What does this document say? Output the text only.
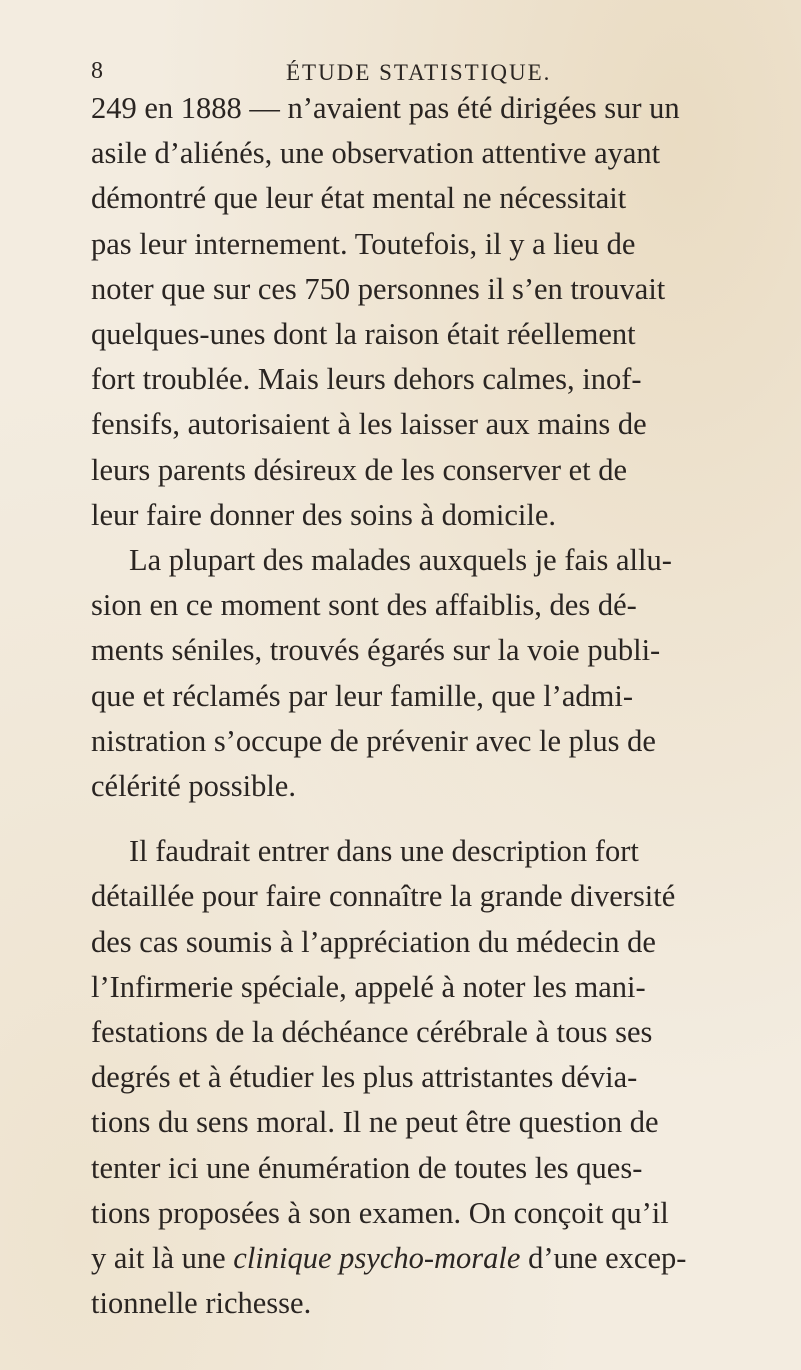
8	ÉTUDE STATISTIQUE.

249 en 1888 — n’avaient pas été dirigées sur un
asile d’aliénés, une observation attentive ayant
démontré que leur état mental ne nécessitait
pas leur internement. Toutefois, il y a lieu de
noter que sur ces 750 personnes il s’en trouvait
quelques-unes dont la raison était réellement
fort troublée. Mais leurs dehors calmes, inof-
fensifs, autorisaient à les laisser aux mains de
leurs parents désireux de les conserver et de
leur faire donner des soins à domicile.

La plupart des malades auxquels je fais allu-
sion en ce moment sont des affaiblis, des dé-
ments séniles, trouvés égarés sur la voie publi-
que et réclamés par leur famille, que l’admi-
nistration s’occupe de prévenir avec le plus de
célérité possible.

Il faudrait entrer dans une description fort
détaillée pour faire connaître la grande diversité
des cas soumis à l’appréciation du médecin de
l’Infirmerie spéciale, appelé à noter les mani-
festations de la déchéance cérébrale à tous ses
degrés et à étudier les plus attristantes dévia-
tions du sens moral. Il ne peut être question de
tenter ici une énumération de toutes les ques-
tions proposées à son examen. On conçoit qu’il
y ait là une clinique psycho-morale d’une excep-
tionnelle richesse.
